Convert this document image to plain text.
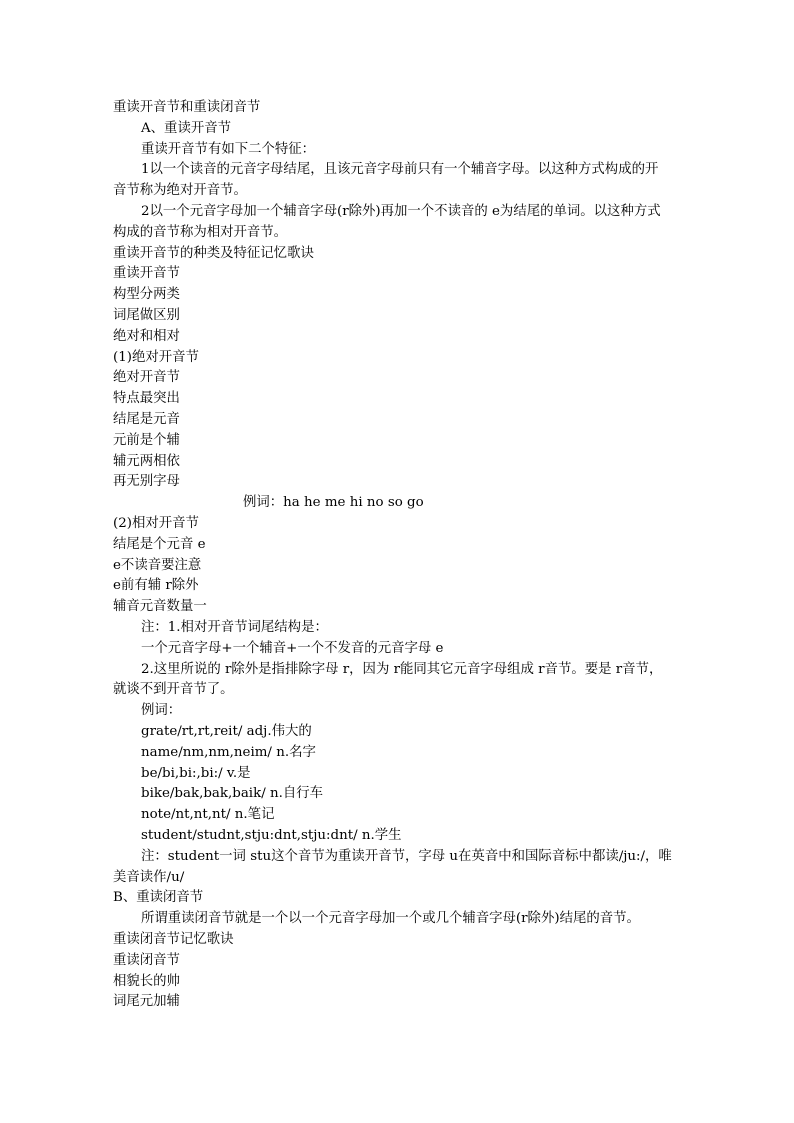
重读开音节和重读闭音节
A、重读开音节
重读开音节有如下二个特征：
1以一个读音的元音字母结尾，且该元音字母前只有一个辅音字母。以这种方式构成的开
音节称为绝对开音节。
2以一个元音字母加一个辅音字母(r除外)再加一个不读音的 e为结尾的单词。以这种方式
构成的音节称为相对开音节。
重读开音节的种类及特征记忆歌诀
重读开音节
构型分两类
词尾做区别
绝对和相对
(1)绝对开音节
绝对开音节
特点最突出
结尾是元音
元前是个辅
辅元两相依
再无别字母
例词：ha he me hi no so go
(2)相对开音节
结尾是个元音 e
e不读音要注意
e前有辅 r除外
辅音元音数量一
注：1.相对开音节词尾结构是：
一个元音字母+一个辅音+一个不发音的元音字母 e
2.这里所说的 r除外是指排除字母 r，因为 r能同其它元音字母组成 r音节。要是 r音节，
就谈不到开音节了。
例词：
grate/rt,rt,reit/ adj.伟大的
name/nm,nm,neim/ n.名字
be/bi,bi:,bi:/ v.是
bike/bak,bak,baik/ n.自行车
note/nt,nt,nt/ n.笔记
student/studnt,stju:dnt,stju:dnt/ n.学生
注：student一词 stu这个音节为重读开音节，字母 u在英音中和国际音标中都读/ju:/，唯
美音读作/u/
B、重读闭音节
所谓重读闭音节就是一个以一个元音字母加一个或几个辅音字母(r除外)结尾的音节。
重读闭音节记忆歌诀
重读闭音节
相貌长的帅
词尾元加辅
